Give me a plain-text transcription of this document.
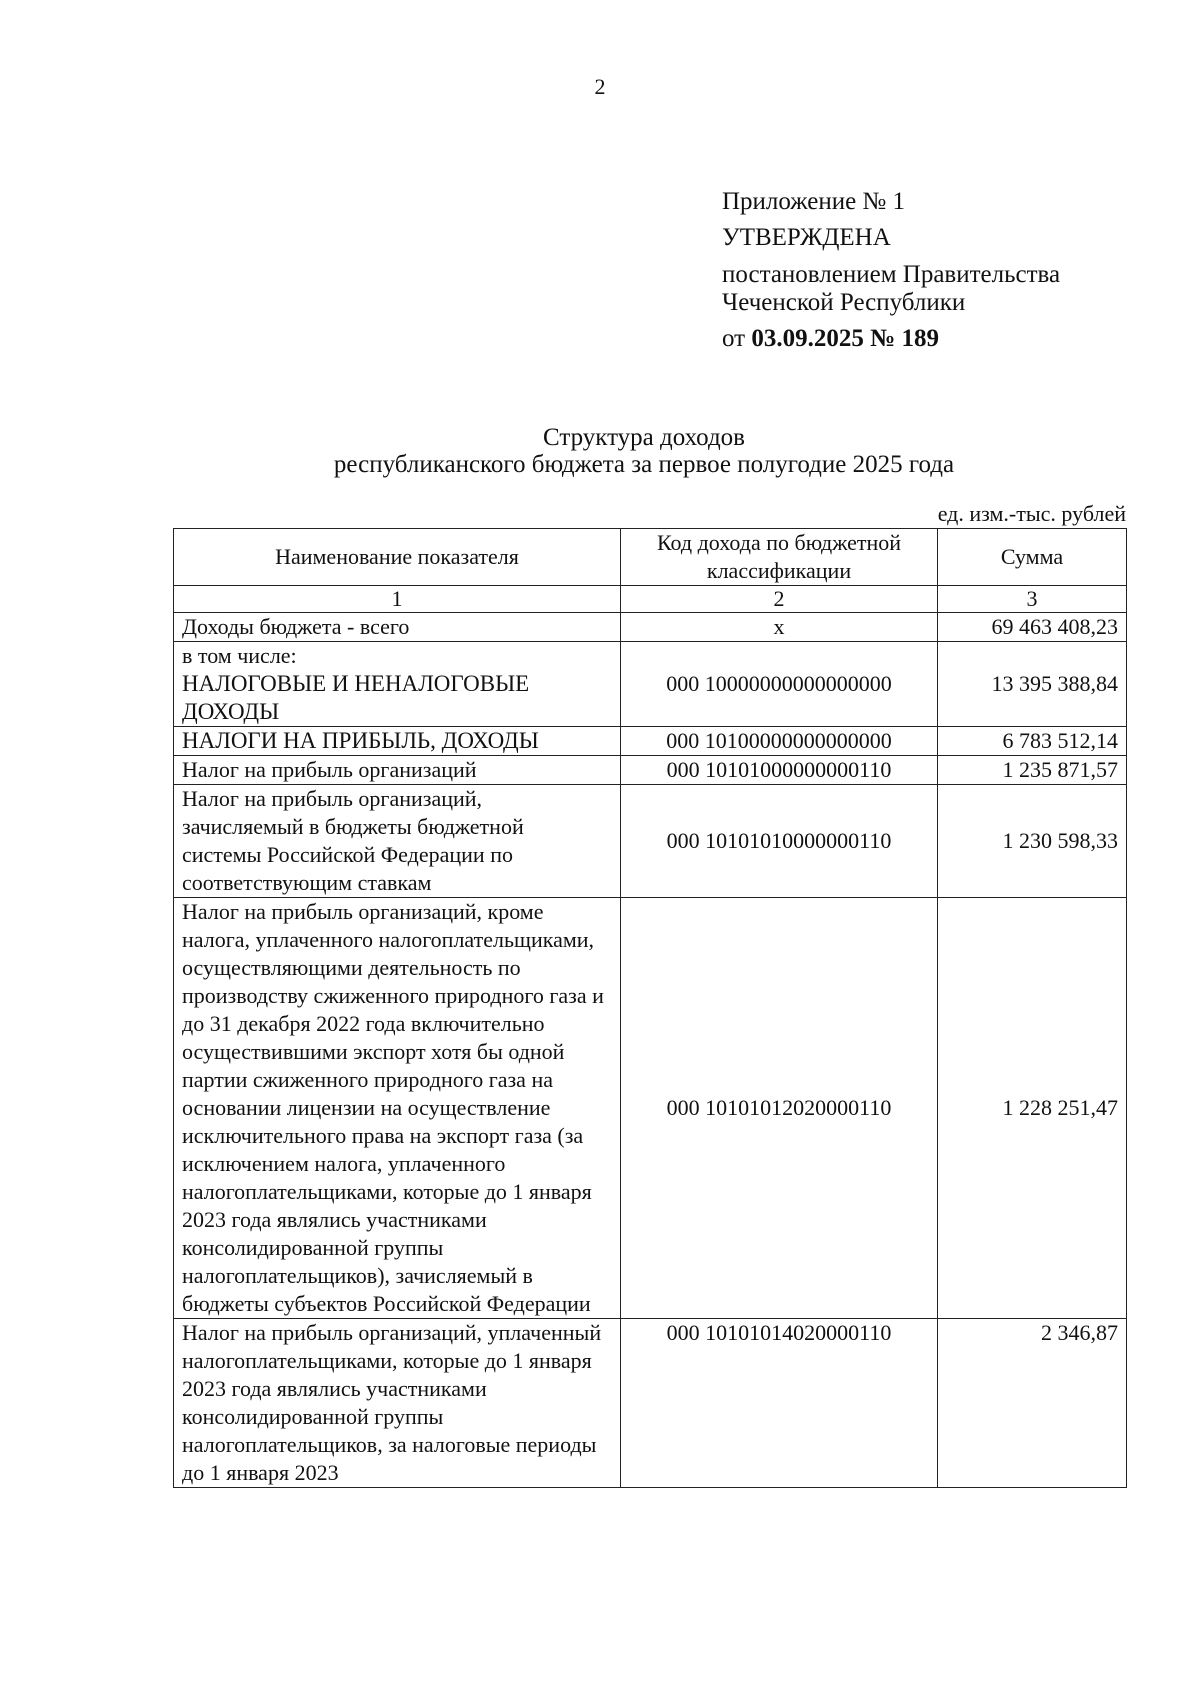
2
Приложение № 1
УТВЕРЖДЕНА
постановлением Правительства
Чеченской Республики
от 03.09.2025 № 189
Структура доходов
республиканского бюджета за первое полугодие 2025 года
ед. изм.-тыс. рублей
Наименование показателя	Код дохода по бюджетной классификации	Сумма
1	2	3
Доходы бюджета - всего	х	69 463 408,23

в том числе:
НАЛОГОВЫЕ И НЕНАЛОГОВЫЕ ДОХОДЫ	000 10000000000000000	13 395 388,84
НАЛОГИ НА ПРИБЫЛЬ, ДОХОДЫ	000 10100000000000000	6 783 512,14
Налог на прибыль организаций	000 10101000000000110	1 235 871,57
Налог на прибыль организаций, зачисляемый в бюджеты бюджетной системы Российской Федерации по соответствующим ставкам	000 10101010000000110	1 230 598,33
Налог на прибыль организаций, кроме налога, уплаченного налогоплательщиками, осуществляющими деятельность по производству сжиженного природного газа и до 31 декабря 2022 года включительно осуществившими экспорт хотя бы одной партии сжиженного природного газа на основании лицензии на осуществление исключительного права на экспорт газа (за исключением налога, уплаченного налогоплательщиками, которые до 1 января 2023 года являлись участниками консолидированной группы налогоплательщиков), зачисляемый в бюджеты субъектов Российской Федерации	000 10101012020000110	1 228 251,47
Налог на прибыль организаций, уплаченный налогоплательщиками, которые до 1 января 2023 года являлись участниками консолидированной группы налогоплательщиков, за налоговые периоды до 1 января 2023	000 10101014020000110	2 346,87
